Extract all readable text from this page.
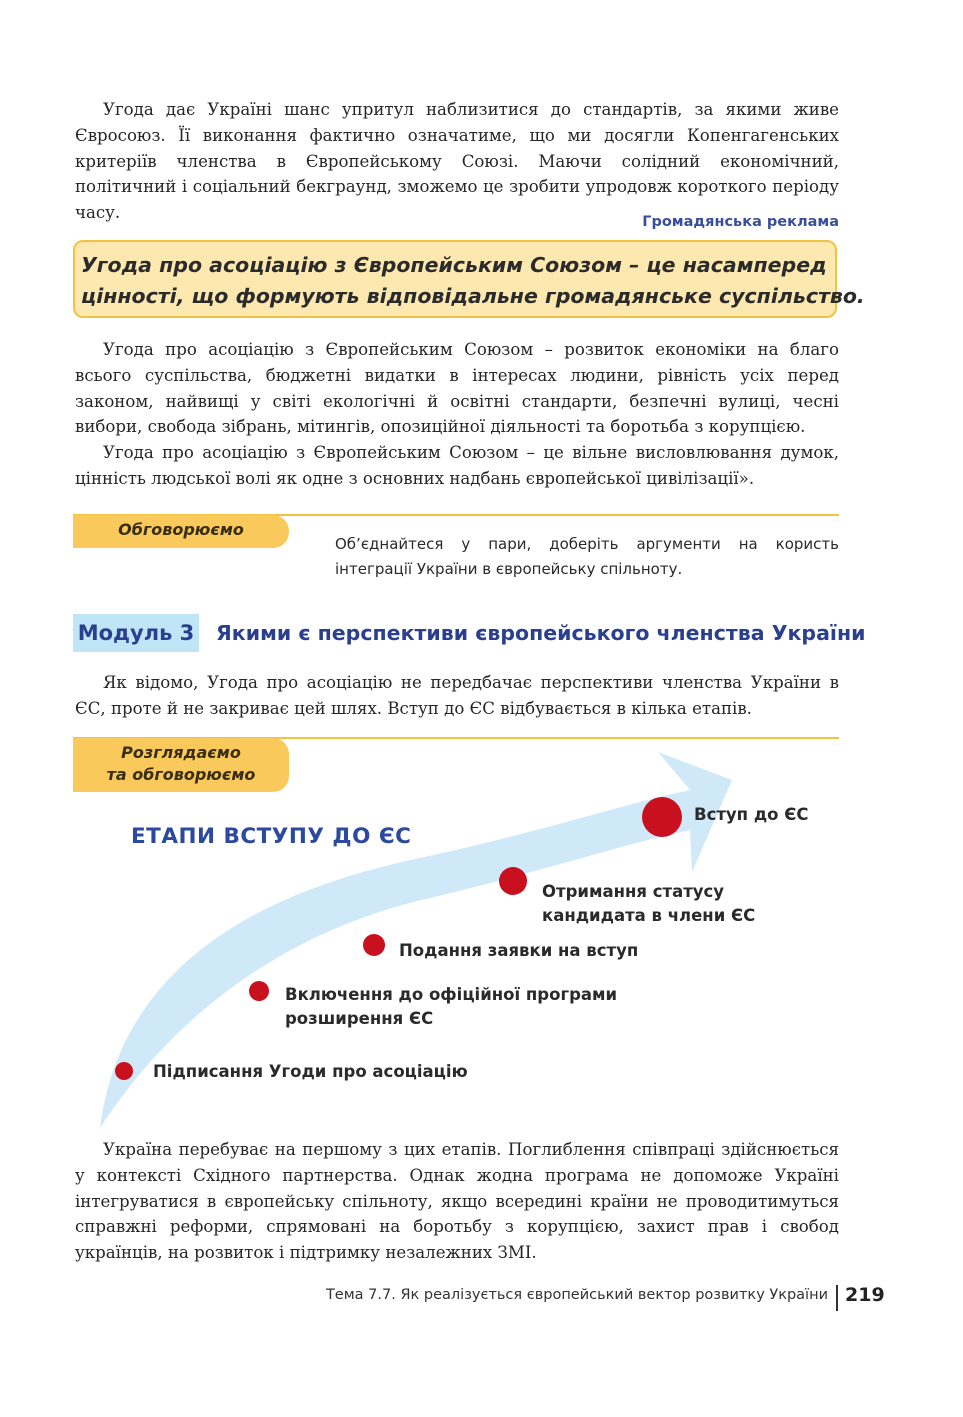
Угода дає Україні шанс упритул наблизитися до стандартів, за якими живе Євросоюз. Її виконання фактично означатиме, що ми досягли Копенгагенських критеріїв членства в Європейському Союзі. Маючи солідний економічний, політичний і соціальний бекграунд, зможемо це зробити упродовж короткого періоду часу.	Громадянська реклама
Угода про асоціацію з Європейським Союзом – це насамперед
цінності, що формують відповідальне громадянське суспільство.

Угода про асоціацію з Європейським Союзом – розвиток економіки на благо всього суспільства, бюджетні видатки в інтересах людини, рівність усіх перед законом, найвищі у світі екологічні й освітні стандарти, безпечні вулиці, чесні вибори, свобода зібрань, мітингів, опозиційної діяльності та боротьба з корупцією.

Угода про асоціацію з Європейським Союзом – це вільне висловлювання думок, цінність людської волі як одне з основних надбань європейської цивілізації».

Обговорюємо

Об’єднайтеся у пари, доберіть аргументи на користь інтеграції України в європейську спільноту.

Модуль 3 Якими є перспективи європейського членства України

Як відомо, Угода про асоціацію не передбачає перспективи членства України в ЄС, проте й не закриває цей шлях. Вступ до ЄС відбувається в кілька етапів.

Розглядаємо
та обговорюємо
ЕТАПИ ВСТУПУ ДО ЄС
Підписання Угоди про асоціацію
Включення до офіційної програми
розширення ЄС
Подання заявки на вступ
Отримання статусу
кандидата в члени ЄС
Вступ до ЄС

Україна перебуває на першому з цих етапів. Поглиблення співпраці здійснюється у контексті Східного партнерства. Однак жодна програма не допоможе Україні інтегруватися в європейську спільноту, якщо всередині країни не проводитимуться справжні реформи, спрямовані на боротьбу з корупцією, захист прав і свобод українців, на розвиток і підтримку незалежних ЗМІ.

Тема 7.7. Як реалізується європейський вектор розвитку України 219
